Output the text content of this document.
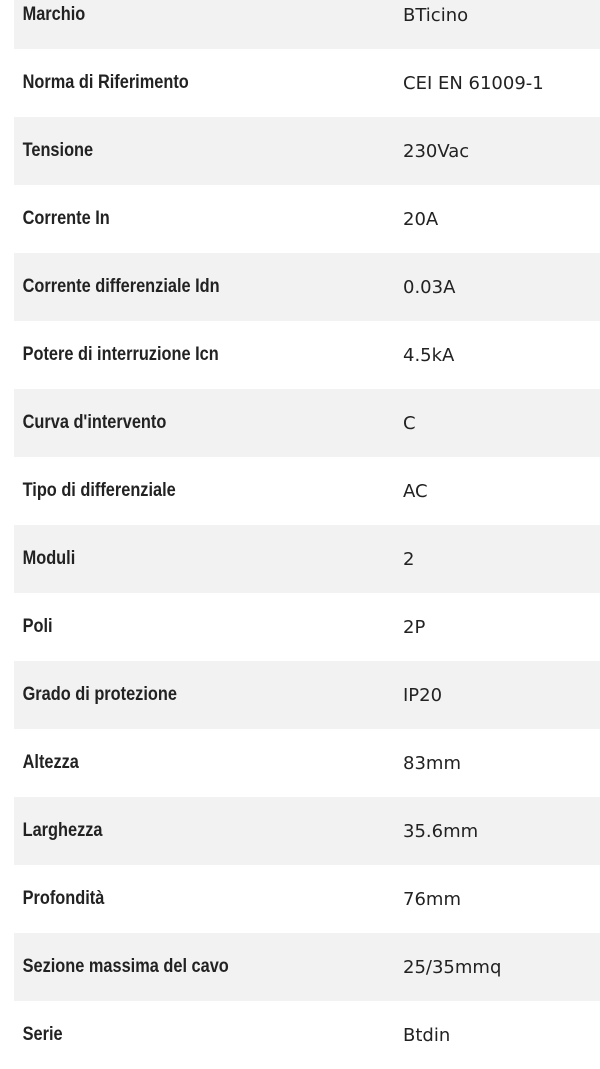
Marchio	BTicino
Norma di Riferimento	CEI EN 61009-1
Tensione	230Vac
Corrente In	20A
Corrente differenziale Idn	0.03A
Potere di interruzione Icn	4.5kA
Curva d'intervento	C
Tipo di differenziale	AC
Moduli	2
Poli	2P
Grado di protezione	IP20
Altezza	83mm
Larghezza	35.6mm
Profondità	76mm
Sezione massima del cavo	25/35mmq
Serie	Btdin
